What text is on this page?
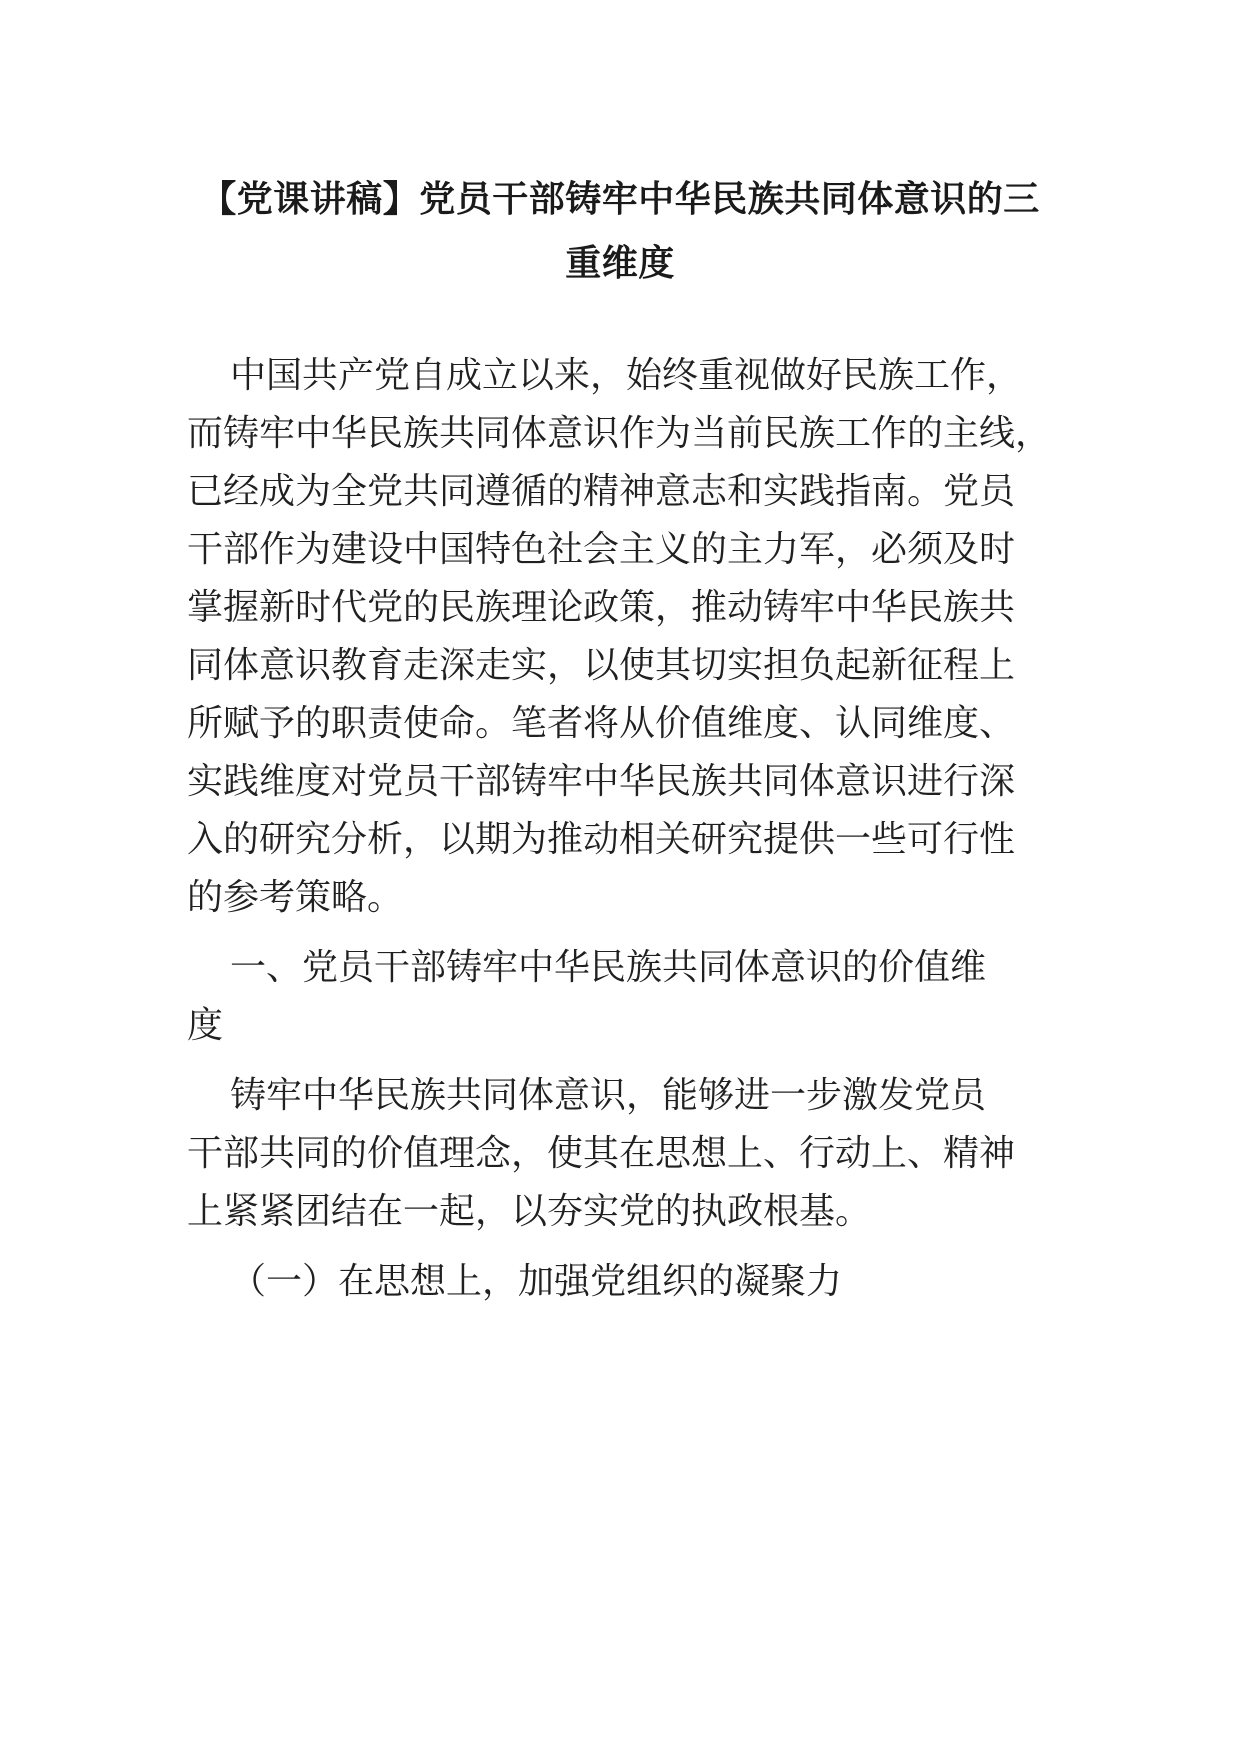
【党课讲稿】党员干部铸牢中华民族共同体意识的三
重维度
中国共产党自成立以来，始终重视做好民族工作，
而铸牢中华民族共同体意识作为当前民族工作的主线，
已经成为全党共同遵循的精神意志和实践指南。党员
干部作为建设中国特色社会主义的主力军，必须及时
掌握新时代党的民族理论政策，推动铸牢中华民族共
同体意识教育走深走实，以使其切实担负起新征程上
所赋予的职责使命。笔者将从价值维度、认同维度、
实践维度对党员干部铸牢中华民族共同体意识进行深
入的研究分析，以期为推动相关研究提供一些可行性
的参考策略。
一、党员干部铸牢中华民族共同体意识的价值维
度
铸牢中华民族共同体意识，能够进一步激发党员
干部共同的价值理念，使其在思想上、行动上、精神
上紧紧团结在一起，以夯实党的执政根基。
（一）在思想上，加强党组织的凝聚力
